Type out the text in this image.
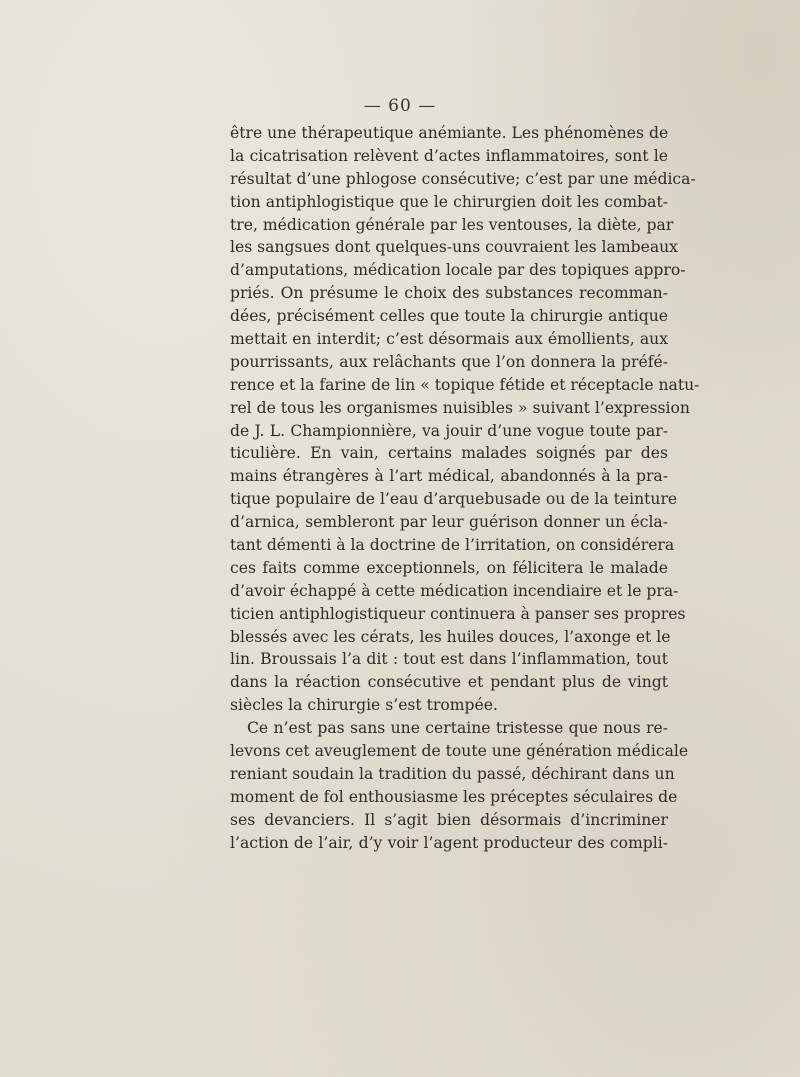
— 60 —
être une thérapeutique anémiante. Les phénomènes de
la cicatrisation relèvent d’actes inflammatoires, sont le
résultat d’une phlogose consécutive; c’est par une médica-
tion antiphlogistique que le chirurgien doit les combat-
tre, médication générale par les ventouses, la diète, par
les sangsues dont quelques-uns couvraient les lambeaux
d’amputations, médication locale par des topiques appro-
priés. On présume le choix des substances recomman-
dées, précisément celles que toute la chirurgie antique
mettait en interdit; c’est désormais aux émollients, aux
pourrissants, aux relâchants que l’on donnera la préfé-
rence et la farine de lin « topique fétide et réceptacle natu-
rel de tous les organismes nuisibles » suivant l’expression
de J. L. Championnière, va jouir d’une vogue toute par-
ticulière. En vain, certains malades soignés par des
mains étrangères à l’art médical, abandonnés à la pra-
tique populaire de l’eau d’arquebusade ou de la teinture
d’arnica, sembleront par leur guérison donner un écla-
tant démenti à la doctrine de l’irritation, on considérera
ces faits comme exceptionnels, on félicitera le malade
d’avoir échappé à cette médication incendiaire et le pra-
ticien antiphlogistiqueur continuera à panser ses propres
blessés avec les cérats, les huiles douces, l’axonge et le
lin. Broussais l’a dit : tout est dans l’inflammation, tout
dans la réaction consécutive et pendant plus de vingt
siècles la chirurgie s’est trompée.
Ce n’est pas sans une certaine tristesse que nous re-
levons cet aveuglement de toute une génération médicale
reniant soudain la tradition du passé, déchirant dans un
moment de fol enthousiasme les préceptes séculaires de
ses devanciers. Il s’agit bien désormais d’incriminer
l’action de l’air, d’y voir l’agent producteur des compli-
